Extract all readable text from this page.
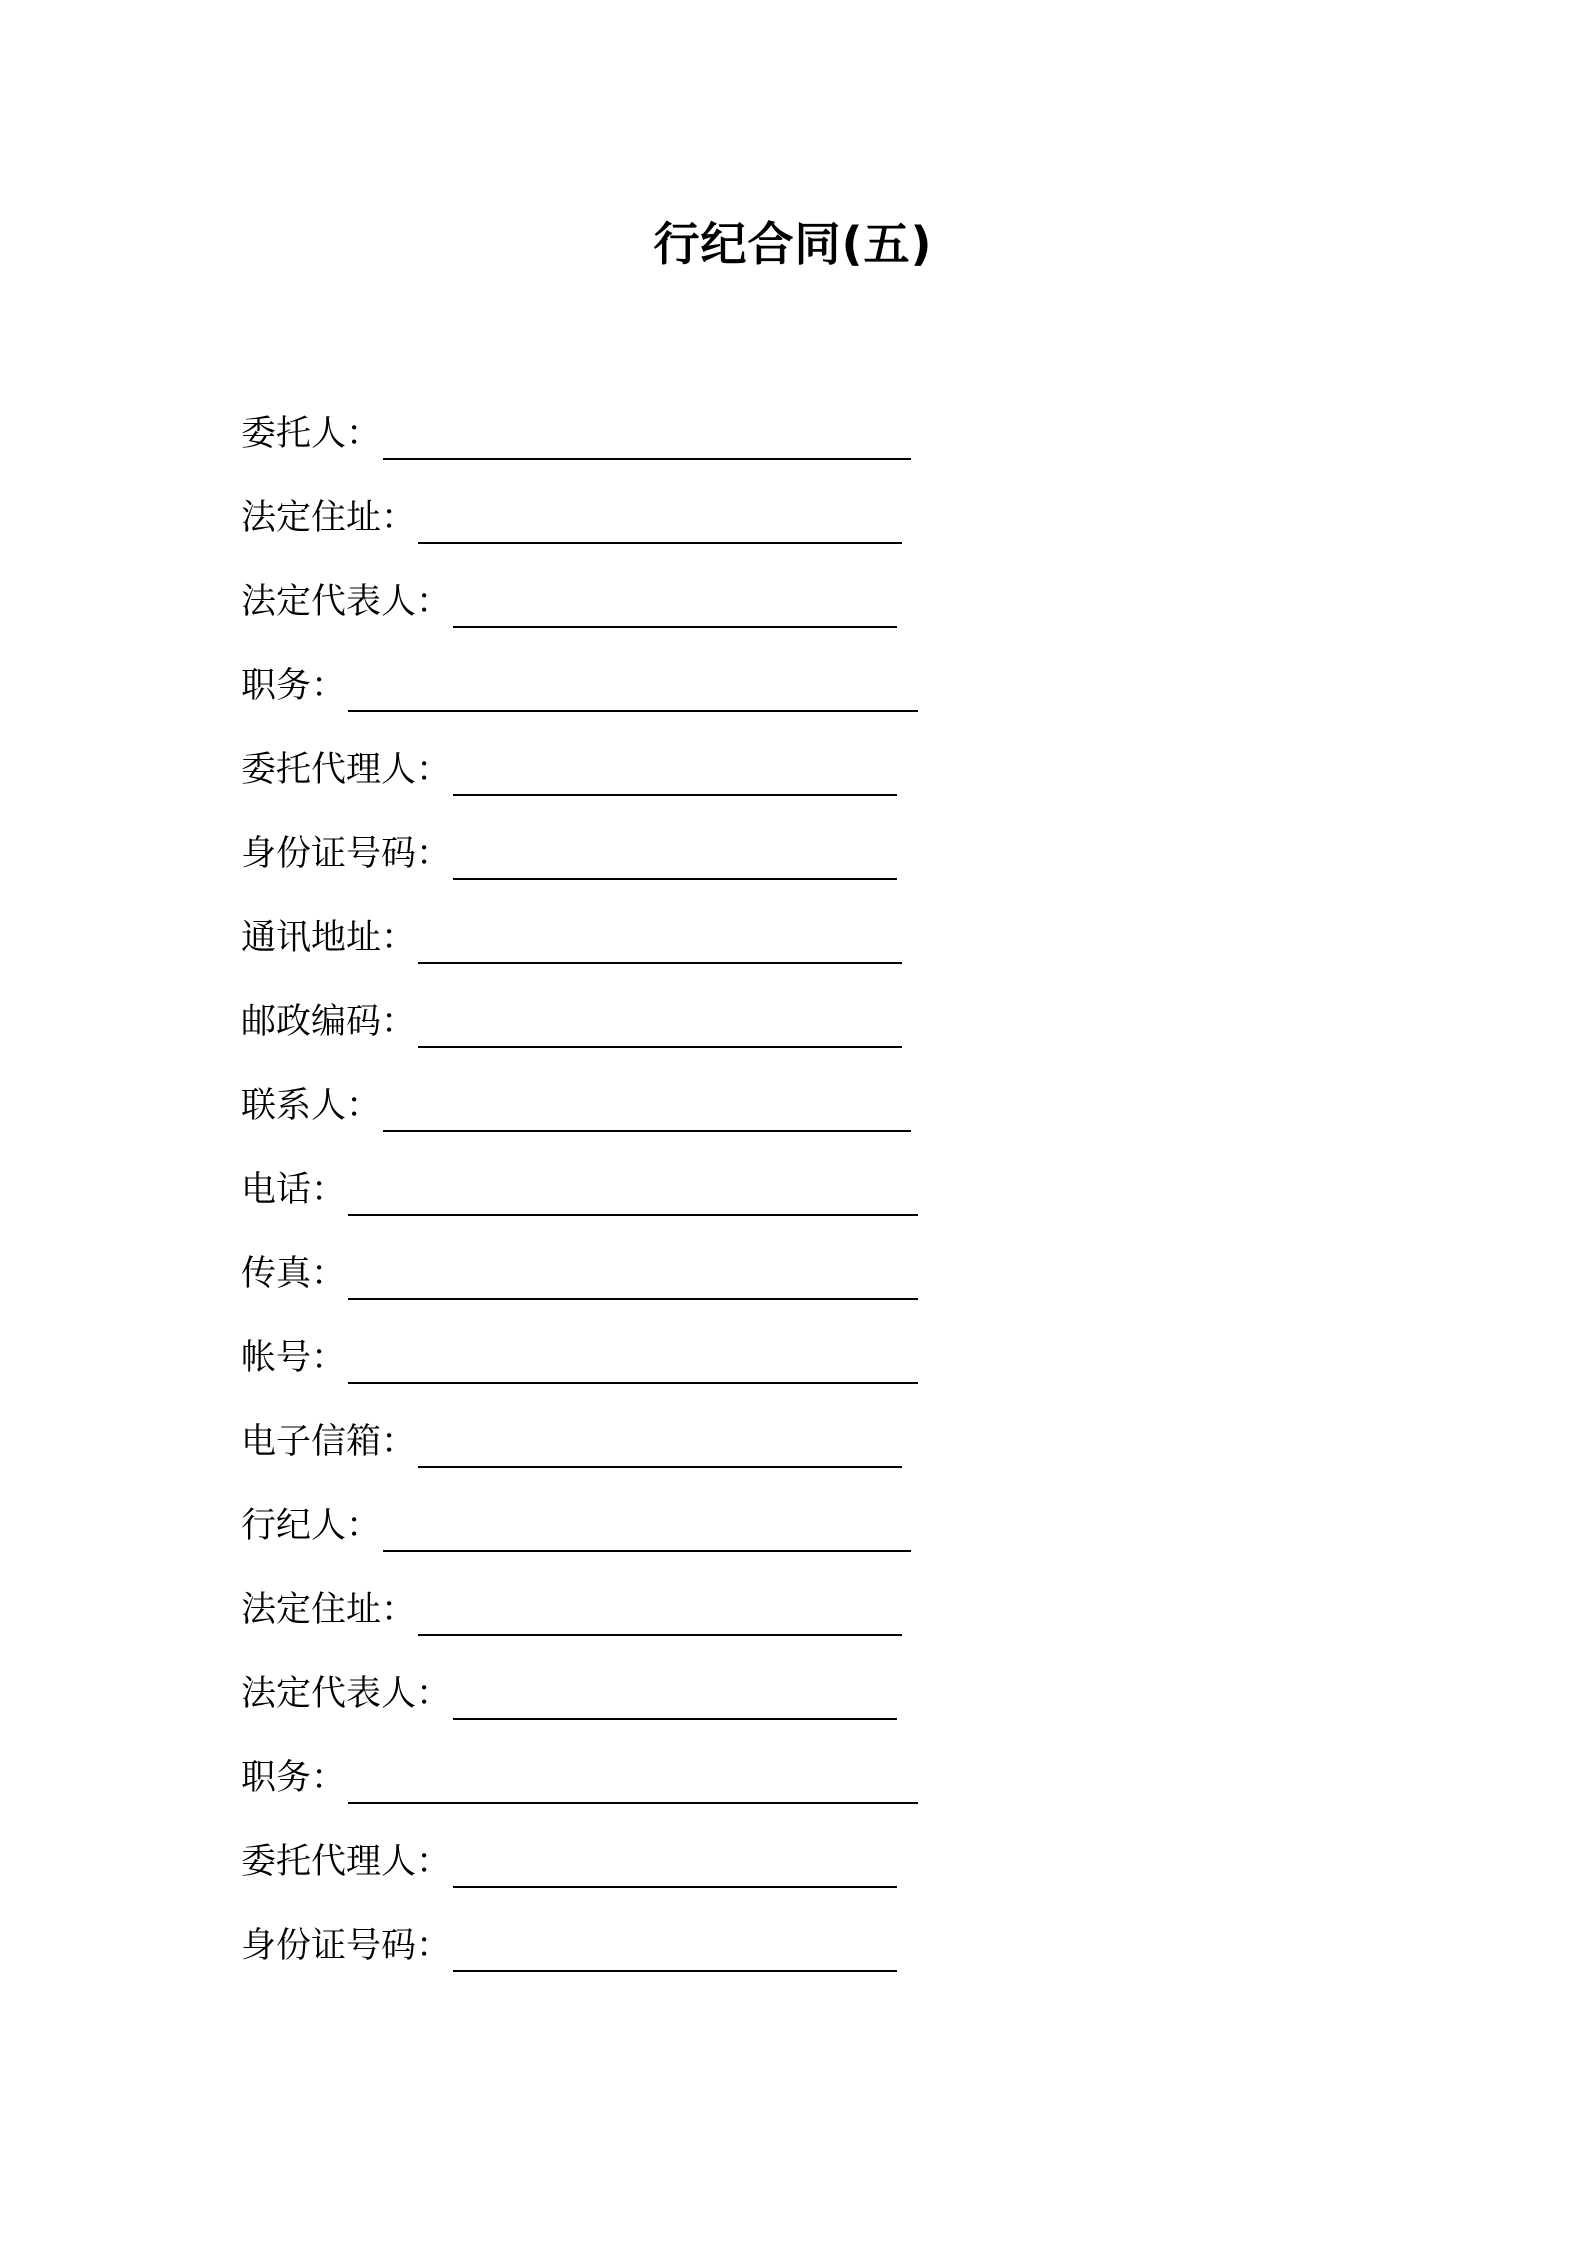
行纪合同(五)
委托人：
法定住址：
法定代表人：
职务：
委托代理人：
身份证号码：
通讯地址：
邮政编码：
联系人：
电话：
传真：
帐号：
电子信箱：
行纪人：
法定住址：
法定代表人：
职务：
委托代理人：
身份证号码：
